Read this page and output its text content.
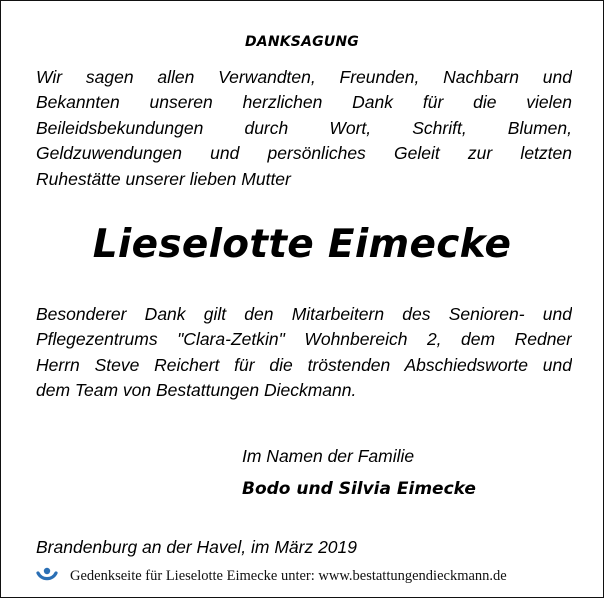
DANKSAGUNG
Wir sagen allen Verwandten, Freunden, Nachbarn und
Bekannten unseren herzlichen Dank für die vielen
Beileidsbekundungen durch Wort, Schrift, Blumen,
Geldzuwendungen und persönliches Geleit zur letzten
Ruhestätte unserer lieben Mutter
Lieselotte Eimecke
Besonderer Dank gilt den Mitarbeitern des Senioren- und
Pflegezentrums "Clara-Zetkin" Wohnbereich 2, dem Redner
Herrn Steve Reichert für die tröstenden Abschiedsworte und
dem Team von Bestattungen Dieckmann.
Im Namen der Familie
Bodo und Silvia Eimecke
Brandenburg an der Havel, im März 2019
Gedenkseite für Lieselotte Eimecke unter: www.bestattungendieckmann.de
